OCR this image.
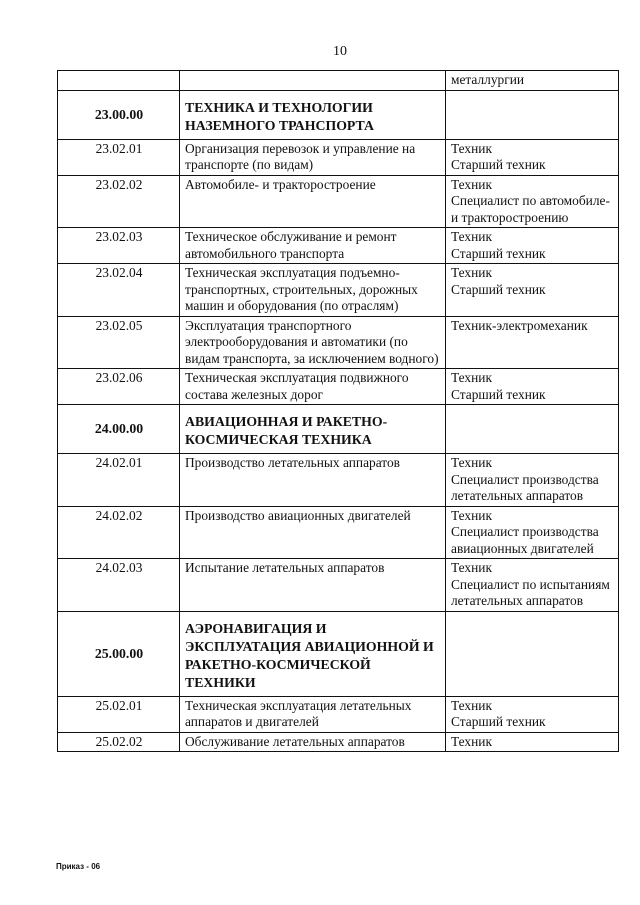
10

		металлургии

23.00.00	ТЕХНИКА И ТЕХНОЛОГИИ НАЗЕМНОГО ТРАНСПОРТА	
23.02.01	Организация перевозок и управление на транспорте (по видам)	Техник
Старший техник

23.02.02	Автомобиле- и тракторостроение	Техник
Специалист по автомобиле- и тракторостроению

23.02.03	Техническое обслуживание и ремонт автомобильного транспорта	Техник
Старший техник

23.02.04	Техническая эксплуатация подъемно-транспортных, строительных, дорожных машин и оборудования (по отраслям)	Техник
Старший техник

23.02.05	Эксплуатация транспортного электрооборудования и автоматики (по видам транспорта, за исключением водного)	Техник-электромеханик

23.02.06	Техническая эксплуатация подвижного состава железных дорог	Техник
Старший техник

24.00.00	АВИАЦИОННАЯ И РАКЕТНО-КОСМИЧЕСКАЯ ТЕХНИКА	
24.02.01	Производство летательных аппаратов	Техник
Специалист производства летательных аппаратов

24.02.02	Производство авиационных двигателей	Техник
Специалист производства авиационных двигателей

24.02.03	Испытание летательных аппаратов	Техник
Специалист по испытаниям летательных аппаратов

25.00.00	АЭРОНАВИГАЦИЯ И ЭКСПЛУАТАЦИЯ АВИАЦИОННОЙ И РАКЕТНО-КОСМИЧЕСКОЙ ТЕХНИКИ	
25.02.01	Техническая эксплуатация летательных аппаратов и двигателей	Техник
Старший техник

25.02.02	Обслуживание летательных аппаратов	Техник
Приказ - 06
